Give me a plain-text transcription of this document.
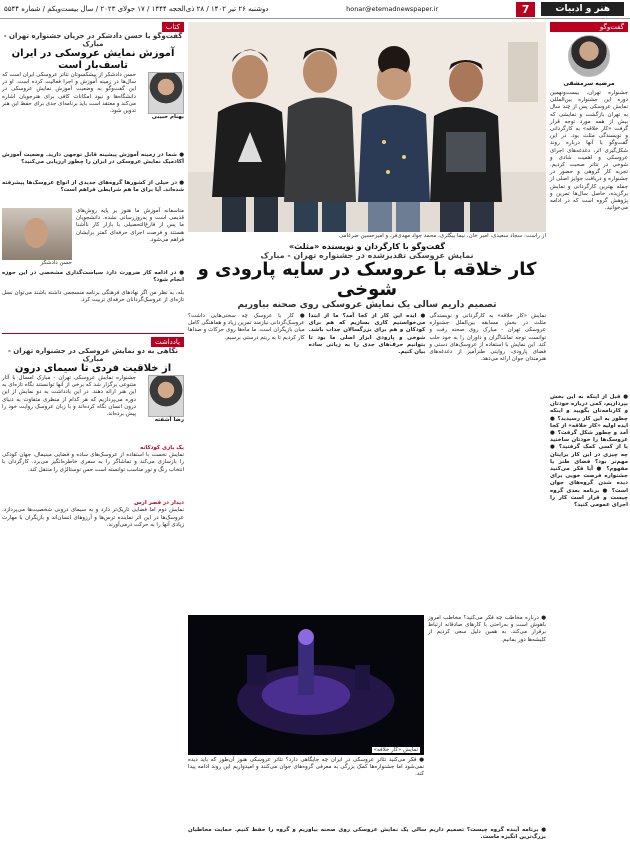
هنر و ادبیات
7
honar@etemadnewspaper.ir
دوشنبه ۲۶ تیر ۱۴۰۲ / ۲۸ ذی‌الحجه ۱۴۴۴ / ۱۷ جولای ۲۰۲۳ / سال بیست‌ویکم / شماره ۵۵۴۴
گفت‌وگو
مرضیه سرمشقی
جشنواره تهران، بیست‌ونهمین دوره این جشنواره بین‌المللی نمایش عروسکی پس از چند سال به تهران بازگشت و نمایشی که بیش از همه مورد توجه قرار گرفت «کار خلاقه» به کارگردانی و نویسندگی مثلث بود. در این گفت‌وگو با آنها درباره روند شکل‌گیری اثر، دغدغه‌های اجرای عروسکی و اهمیت شادی و شوخی در تئاتر صحبت کردیم. تجربه کار گروهی و حضور در جشنواره و دریافت جوایز اصلی از جمله بهترین کارگردانی و نمایش برگزیده، حاصل سال‌ها تمرین و پژوهش گروه است که در ادامه می‌خوانید.
● قبل از اینکه به این بخش بپردازیم، کمی درباره خودتان و کارنامه‌تان بگویید و اینکه چطور به این کار رسیدید؟ ● ایده اولیه «کار خلاقه» از کجا آمد و چطور شکل گرفت؟ ● عروسک‌ها را خودتان ساختید یا از کسی کمک گرفتید؟ ● چه چیزی در این کار برایتان مهم‌تر بود؟ فضای طنز یا مفهوم؟ ● آیا فکر می‌کنید جشنواره فرصت خوبی برای دیده شدن گروه‌های جوان است؟ ● برنامه بعدی گروه چیست و قرار است کار را اجرای عمومی کنید؟
از راست: سجاد سعیدی، امیر خان، نیما بیگلری، محمد جواد مهدی‌فر، و امیرحسین ضرغامی
گفت‌وگو با کارگردان و نویسنده «مثلث»
نمایش عروسکی تقدیرشده در جشنواره تهران - مبارک
کار خلاقه با عروسک در سایه پارودی و شوخی
تصمیم داریم سالی یک نمایش عروسکی روی صحنه بیاوریم
نمایش «کار خلاقه» به کارگردانی و نویسندگی مثلث در بخش مسابقه بین‌الملل جشنواره عروسکی تهران - مبارک روی صحنه رفت و توانست توجه تماشاگران و داوران را به خود جلب کند. این نمایش با استفاده از عروسک‌های دستی و فضای پارودی، روایتی طنزآمیز از دغدغه‌های هنرمندان جوان ارائه می‌دهد.
● ایده این کار از کجا آمد؟ ما از ابتدا می‌خواستیم کاری بسازیم که هم برای کودکان و هم برای بزرگسالان جذاب باشد. شوخی و پارودی ابزار اصلی ما بود تا بتوانیم حرف‌های جدی را به زبانی ساده بیان کنیم.
● کار با عروسک چه سختی‌هایی داشت؟ عروسک‌گردانی نیازمند تمرین زیاد و هماهنگی کامل میان بازیگران است. ما ماه‌ها روی حرکات و صداها کار کردیم تا به ریتم درستی برسیم.
● درباره مخاطب چه فکر می‌کنید؟ مخاطب امروز باهوش است و به‌راحتی با کارهای صادقانه ارتباط برقرار می‌کند. به همین دلیل سعی کردیم از کلیشه‌ها دور بمانیم.
نمایش «کار خلاقه»
● فکر می‌کنید تئاتر عروسکی در ایران چه جایگاهی دارد؟ تئاتر عروسکی هنوز آن‌طور که باید دیده نمی‌شود اما جشنواره‌ها کمک بزرگی به معرفی گروه‌های جوان می‌کنند و امیدواریم این روند ادامه پیدا کند.
● برنامه آینده گروه چیست؟ تصمیم داریم سالی یک نمایش عروسکی روی صحنه بیاوریم و گروه را حفظ کنیم. حمایت مخاطبان بزرگ‌ترین انگیزه ماست.
کتاب
گفت‌وگو با حسن دادشکر در جریان جشنواره تهران - مبارک
آموزش نمایش عروسکی در ایران تاسف‌بار است
بهنام حبیبی
حسن دادشکر از پیشکسوتان تئاتر عروسکی ایران است که سال‌ها در زمینه آموزش و اجرا فعالیت کرده است. او در این گفت‌وگو به وضعیت آموزش نمایش عروسکی در دانشگاه‌ها و نبود امکانات کافی برای هنرجویان اشاره می‌کند و معتقد است باید برنامه‌ای جدی برای حفظ این هنر تدوین شود.
● شما در زمینه آموزش پیشینه قابل توجهی دارید. وضعیت آموزش آکادمیک نمایش عروسکی در ایران را چطور ارزیابی می‌کنید؟
● در خیلی از کشورها گروه‌های جدیدی از انواع عروسک‌ها پیشرفته شده‌اند. آیا برای ما هم شرایطی فراهم است؟
متاسفانه آموزش ما هنوز بر پایه روش‌های قدیمی است و به‌روزرسانی نشده. دانشجویان ما پس از فارغ‌التحصیلی با بازار کار ناآشنا هستند و فرصت اجرای حرفه‌ای کمتر برایشان فراهم می‌شود.
حسن دادشکر
● در ادامه کار ضرورت دارد سیاست‌گذاری مشخصی در این حوزه انجام شود؟
بله، به نظر من اگر نهادهای فرهنگی برنامه منسجمی داشته باشند می‌توان نسل تازه‌ای از عروسک‌گردانان حرفه‌ای تربیت کرد.
یادداشت
نگاهی به دو نمایش عروسکی در جشنواره تهران - مبارک
از خلاقیت فردی تا سیمای درون
رضا آشفته
جشنواره نمایش عروسکی تهران - مبارک امسال با آثار متنوعی برگزار شد که برخی از آنها توانستند نگاه تازه‌ای به این هنر ارائه دهند. در این یادداشت به دو نمایش از این دوره می‌پردازیم که هر کدام از منظری متفاوت به دنیای درون انسان نگاه کرده‌اند و با زبان عروسک روایت خود را پیش برده‌اند.
یک بازی کودکانه
نمایش نخست با استفاده از عروسک‌های ساده و فضایی مینیمال، جهان کودکی را بازسازی می‌کند و تماشاگر را به سفری خاطره‌انگیز می‌برد. کارگردان با انتخاب رنگ و نور مناسب توانسته است حس نوستالژی را منتقل کند.
دیدار در قصر ارس
نمایش دوم اما فضایی تاریک‌تر دارد و به سیمای درونی شخصیت‌ها می‌پردازد. عروسک‌ها در این اثر نماینده ترس‌ها و آرزوهای انسان‌اند و بازیگران با مهارت زیادی آنها را به حرکت درمی‌آورند.
